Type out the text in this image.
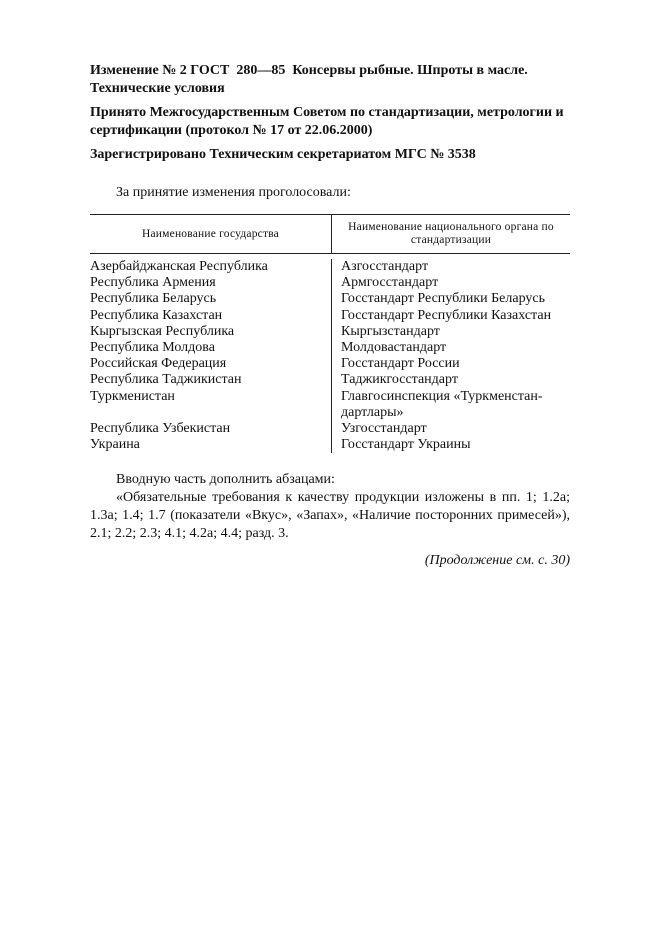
Изменение № 2 ГОСТ  280—85  Консервы рыбные. Шпроты в масле.
Технические условия
Принято Межгосударственным Советом по стандартизации, метрологии и сертификации (протокол № 17 от 22.06.2000)
Зарегистрировано Техническим секретариатом МГС № 3538
За принятие изменения проголосовали:
Наименование государства
Наименование национального органа по стандартизации
Азербайджанская Республика
Республика Армения
Республика Беларусь
Республика Казахстан
Кыргызская Республика
Республика Молдова
Российская Федерация
Республика Таджикистан
Туркменистан
Республика Узбекистан
Украина
Азгосстандарт
Армгосстандарт
Госстандарт Республики Беларусь
Госстандарт Республики Казахстан
Кыргызстандарт
Молдовастандарт
Госстандарт России
Таджикгосстандарт
Главгосинспекция «Туркменстан-дартлары»
Узгосстандарт
Госстандарт Украины
Вводную часть дополнить абзацами:
«Обязательные требования к качеству продукции изложены в пп. 1; 1.2а; 1.3а; 1.4; 1.7 (показатели «Вкус», «Запах», «Наличие посторонних примесей»), 2.1; 2.2; 2.3; 4.1; 4.2а; 4.4; разд. 3.
(Продолжение см. с. 30)
